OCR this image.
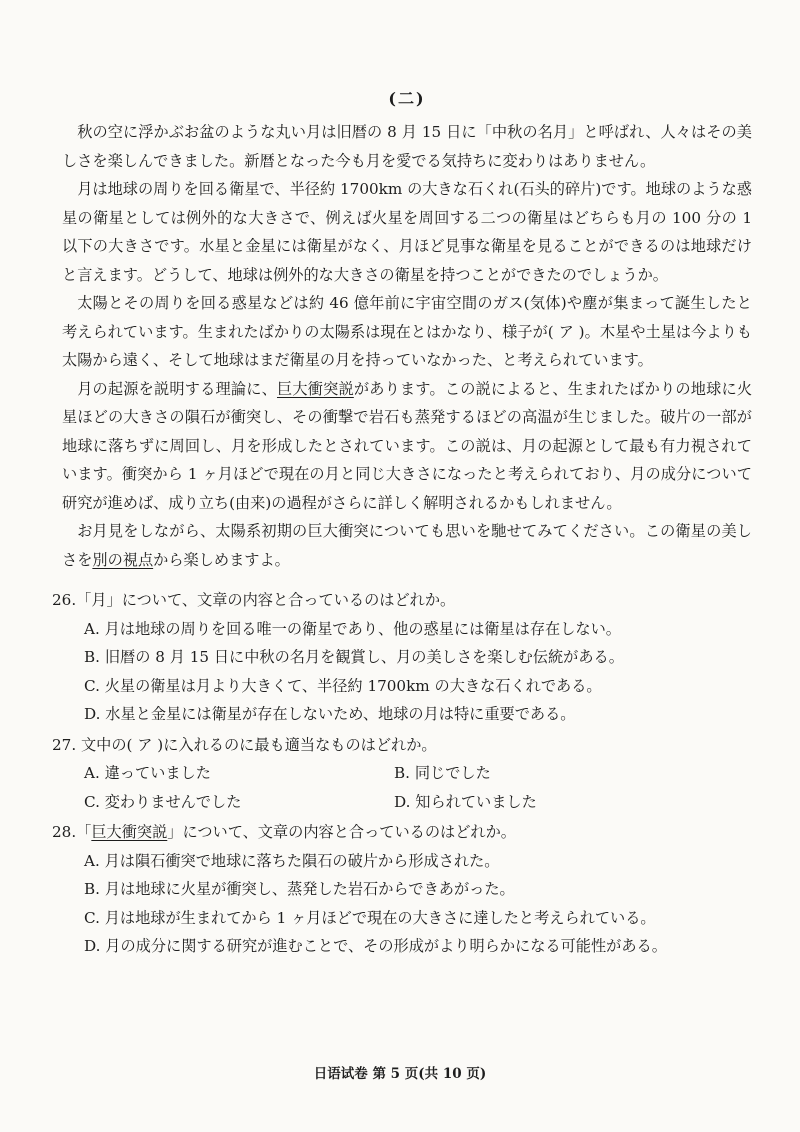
(二)

秋の空に浮かぶお盆のような丸い月は旧暦の 8 月 15 日に「中秋の名月」と呼ばれ、人々はその美しさを楽しんできました。新暦となった今も月を愛でる気持ちに変わりはありません。

月は地球の周りを回る衛星で、半径約 1700km の大きな石くれ(石头的碎片)です。地球のような惑星の衛星としては例外的な大きさで、例えば火星を周回する二つの衛星はどちらも月の 100 分の 1 以下の大きさです。水星と金星には衛星がなく、月ほど見事な衛星を見ることができるのは地球だけと言えます。どうして、地球は例外的な大きさの衛星を持つことができたのでしょうか。

太陽とその周りを回る惑星などは約 46 億年前に宇宙空間のガス(気体)や塵が集まって誕生したと考えられています。生まれたばかりの太陽系は現在とはかなり、様子が( ア )。木星や土星は今よりも太陽から遠く、そして地球はまだ衛星の月を持っていなかった、と考えられています。

月の起源を説明する理論に、巨大衝突説があります。この説によると、生まれたばかりの地球に火星ほどの大きさの隕石が衝突し、その衝撃で岩石も蒸発するほどの高温が生じました。破片の一部が地球に落ちずに周回し、月を形成したとされています。この説は、月の起源として最も有力視されています。衝突から 1 ヶ月ほどで現在の月と同じ大きさになったと考えられており、月の成分について研究が進めば、成り立ち(由来)の過程がさらに詳しく解明されるかもしれません。

お月見をしながら、太陽系初期の巨大衝突についても思いを馳せてみてください。この衛星の美しさを別の視点から楽しめますよ。

26.「月」について、文章の内容と合っているのはどれか。
A. 月は地球の周りを回る唯一の衛星であり、他の惑星には衛星は存在しない。
B. 旧暦の 8 月 15 日に中秋の名月を観賞し、月の美しさを楽しむ伝統がある。
C. 火星の衛星は月より大きくて、半径約 1700km の大きな石くれである。
D. 水星と金星には衛星が存在しないため、地球の月は特に重要である。
27. 文中の( ア )に入れるのに最も適当なものはどれか。
A. 違っていました	B. 同じでした
C. 変わりませんでした	D. 知られていました
28.「巨大衝突説」について、文章の内容と合っているのはどれか。
A. 月は隕石衝突で地球に落ちた隕石の破片から形成された。
B. 月は地球に火星が衝突し、蒸発した岩石からできあがった。
C. 月は地球が生まれてから 1 ヶ月ほどで現在の大きさに達したと考えられている。
D. 月の成分に関する研究が進むことで、その形成がより明らかになる可能性がある。
日语试卷 第 5 页(共 10 页)
